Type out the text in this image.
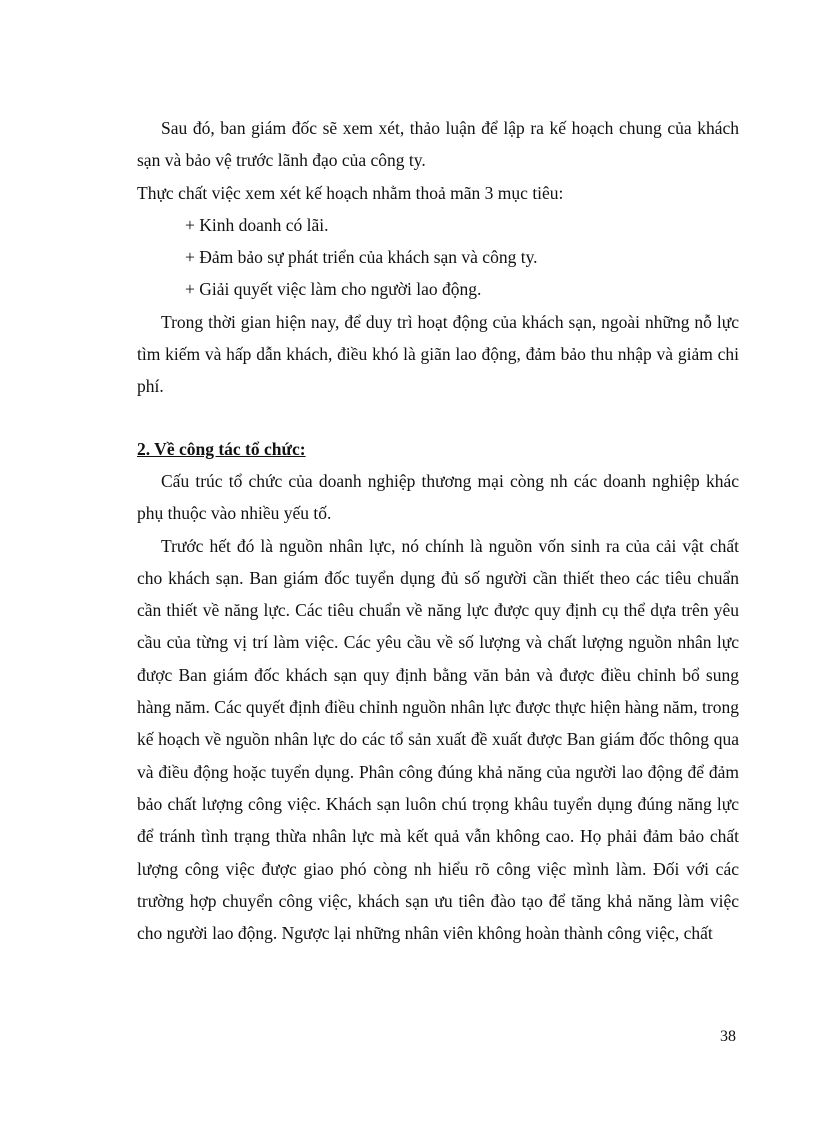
Sau đó, ban giám đốc sẽ xem xét, thảo luận để lập ra kế hoạch chung của khách sạn và bảo vệ trước lãnh đạo của công ty.

Thực chất việc xem xét kế hoạch nhằm thoả mãn 3 mục tiêu:

+ Kinh doanh có lãi.

+ Đảm bảo sự phát triển của khách sạn và công ty.

+ Giải quyết việc làm cho người lao động.

Trong thời gian hiện nay, để duy trì hoạt động của khách sạn, ngoài những nỗ lực tìm kiếm và hấp dẫn khách, điều khó là giãn lao động, đảm bảo thu nhập và giảm chi phí.

2. Về công tác tổ chức:

Cấu trúc tổ chức của doanh nghiệp thương mại còng nh các doanh nghiệp khác phụ thuộc vào nhiều yếu tố.

Trước hết đó là nguồn nhân lực, nó chính là nguồn vốn sinh ra của cải vật chất cho khách sạn. Ban giám đốc tuyển dụng đủ số người cần thiết theo các tiêu chuẩn cần thiết về năng lực. Các tiêu chuẩn về năng lực được quy định cụ thể dựa trên yêu cầu của từng vị trí làm việc. Các yêu cầu về số lượng và chất lượng nguồn nhân lực được Ban giám đốc khách sạn quy định bằng văn bản và được điều chỉnh bổ sung hàng năm. Các quyết định điều chỉnh nguồn nhân lực được thực hiện hàng năm, trong kế hoạch về nguồn nhân lực do các tổ sản xuất đề xuất được Ban giám đốc thông qua và điều động hoặc tuyển dụng. Phân công đúng khả năng của người lao động để đảm bảo chất lượng công việc. Khách sạn luôn chú trọng khâu tuyển dụng đúng năng lực để tránh tình trạng thừa nhân lực mà kết quả vẫn không cao. Họ phải đảm bảo chất lượng công việc được giao phó còng nh hiểu rõ công việc mình làm. Đối với các trường hợp chuyển công việc, khách sạn ưu tiên đào tạo để tăng khả năng làm việc cho người lao động. Ngược lại những nhân viên không hoàn thành công việc, chất

38
